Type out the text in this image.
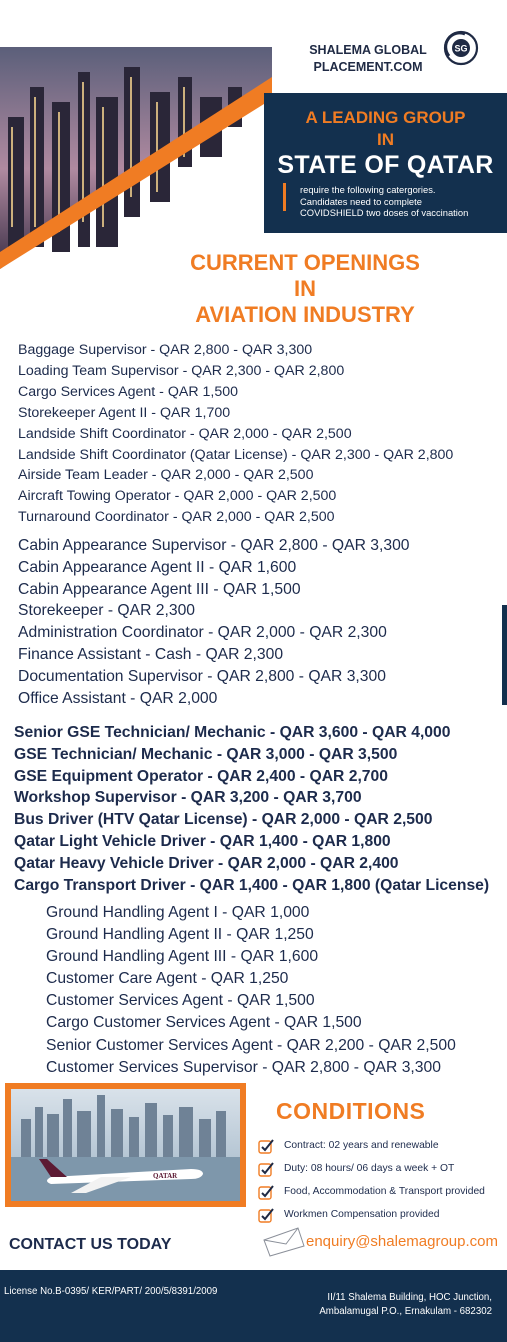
SHALEMA GLOBAL
PLACEMENT.COM
SG
A LEADING GROUP
IN
STATE OF QATAR
require the following catergories.
Candidates need to complete
COVIDSHIELD two doses of vaccination
CURRENT OPENINGS
IN
AVIATION INDUSTRY
Baggage Supervisor - QAR 2,800 - QAR 3,300
Loading Team Supervisor - QAR 2,300 - QAR 2,800
Cargo Services Agent - QAR 1,500
Storekeeper Agent II - QAR 1,700
Landside Shift Coordinator - QAR 2,000 - QAR 2,500
Landside Shift Coordinator (Qatar License) - QAR 2,300 - QAR 2,800
Airside Team Leader - QAR 2,000 - QAR 2,500
Aircraft Towing Operator - QAR 2,000 - QAR 2,500
Turnaround Coordinator - QAR 2,000 - QAR 2,500
Cabin Appearance Supervisor - QAR 2,800 - QAR 3,300
Cabin Appearance Agent II - QAR 1,600
Cabin Appearance Agent III - QAR 1,500
Storekeeper - QAR 2,300
Administration Coordinator - QAR 2,000 - QAR 2,300
Finance Assistant - Cash - QAR 2,300
Documentation Supervisor - QAR 2,800 - QAR 3,300
Office Assistant - QAR 2,000
Senior GSE Technician/ Mechanic - QAR 3,600 - QAR 4,000
GSE Technician/ Mechanic - QAR 3,000 - QAR 3,500
GSE Equipment Operator - QAR 2,400 - QAR 2,700
Workshop Supervisor - QAR 3,200 - QAR 3,700
Bus Driver (HTV Qatar License) - QAR 2,000 - QAR 2,500
Qatar Light Vehicle Driver - QAR 1,400 - QAR 1,800
Qatar Heavy Vehicle Driver - QAR 2,000 - QAR 2,400
Cargo Transport Driver - QAR 1,400 - QAR 1,800 (Qatar License)
Ground Handling Agent I - QAR 1,000
Ground Handling Agent II - QAR 1,250
Ground Handling Agent III - QAR 1,600
Customer Care Agent - QAR 1,250
Customer Services Agent - QAR 1,500
Cargo Customer Services Agent - QAR 1,500
Senior Customer Services Agent - QAR 2,200 - QAR 2,500
Customer Services Supervisor - QAR 2,800 - QAR 3,300
QATAR
CONDITIONS
Contract: 02 years and renewable
Duty: 08 hours/ 06 days a week + OT
Food, Accommodation & Transport provided
Workmen Compensation provided
CONTACT US TODAY	enquiry@shalemagroup.com
License No.B-0395/ KER/PART/ 200/5/8391/2009
II/11 Shalema Building, HOC Junction,
Ambalamugal P.O., Ernakulam - 682302
